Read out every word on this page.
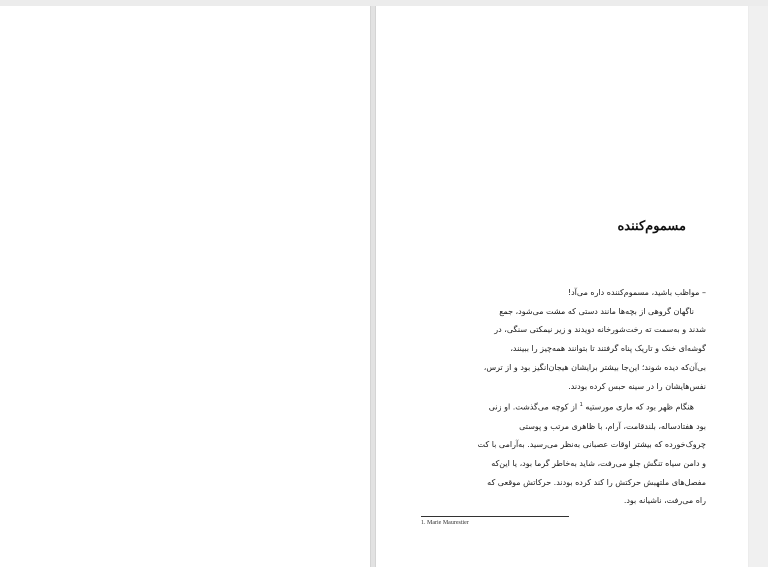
مسموم‌کننده

– مواظب باشید، مسموم‌کننده داره می‌آد!

ناگهان گروهی از بچه‌ها مانند دستی که مشت می‌شود، جمع

شدند و به‌سمت ته رخت‌شورخانه دویدند و زیر نیمکتی سنگی، در

گوشه‌ای خنک و تاریک پناه گرفتند تا بتوانند همه‌چیز را ببینند،

بی‌آن‌که دیده شوند؛ این‌جا بیشتر برایشان هیجان‌انگیز بود و از ترس،

نفس‌هایشان را در سینه حبس کرده بودند.

هنگام ظهر بود که ماری مورستیه $^1$ از کوچه می‌گذشت. او زنی

بود هفتادساله، بلندقامت، آرام، با ظاهری مرتب و پوستی

چروک‌خورده که بیشتر اوقات عصبانی به‌نظر می‌رسید. به‌آرامی با کت

و دامن سیاه تنگش جلو می‌رفت، شاید به‌خاطر گرما بود، یا این‌که

مفصل‌های ملتهبش حرکتش را کند کرده بودند. حرکاتش موقعی که

راه می‌رفت، ناشیانه بود.

1. Marie Maurestier
